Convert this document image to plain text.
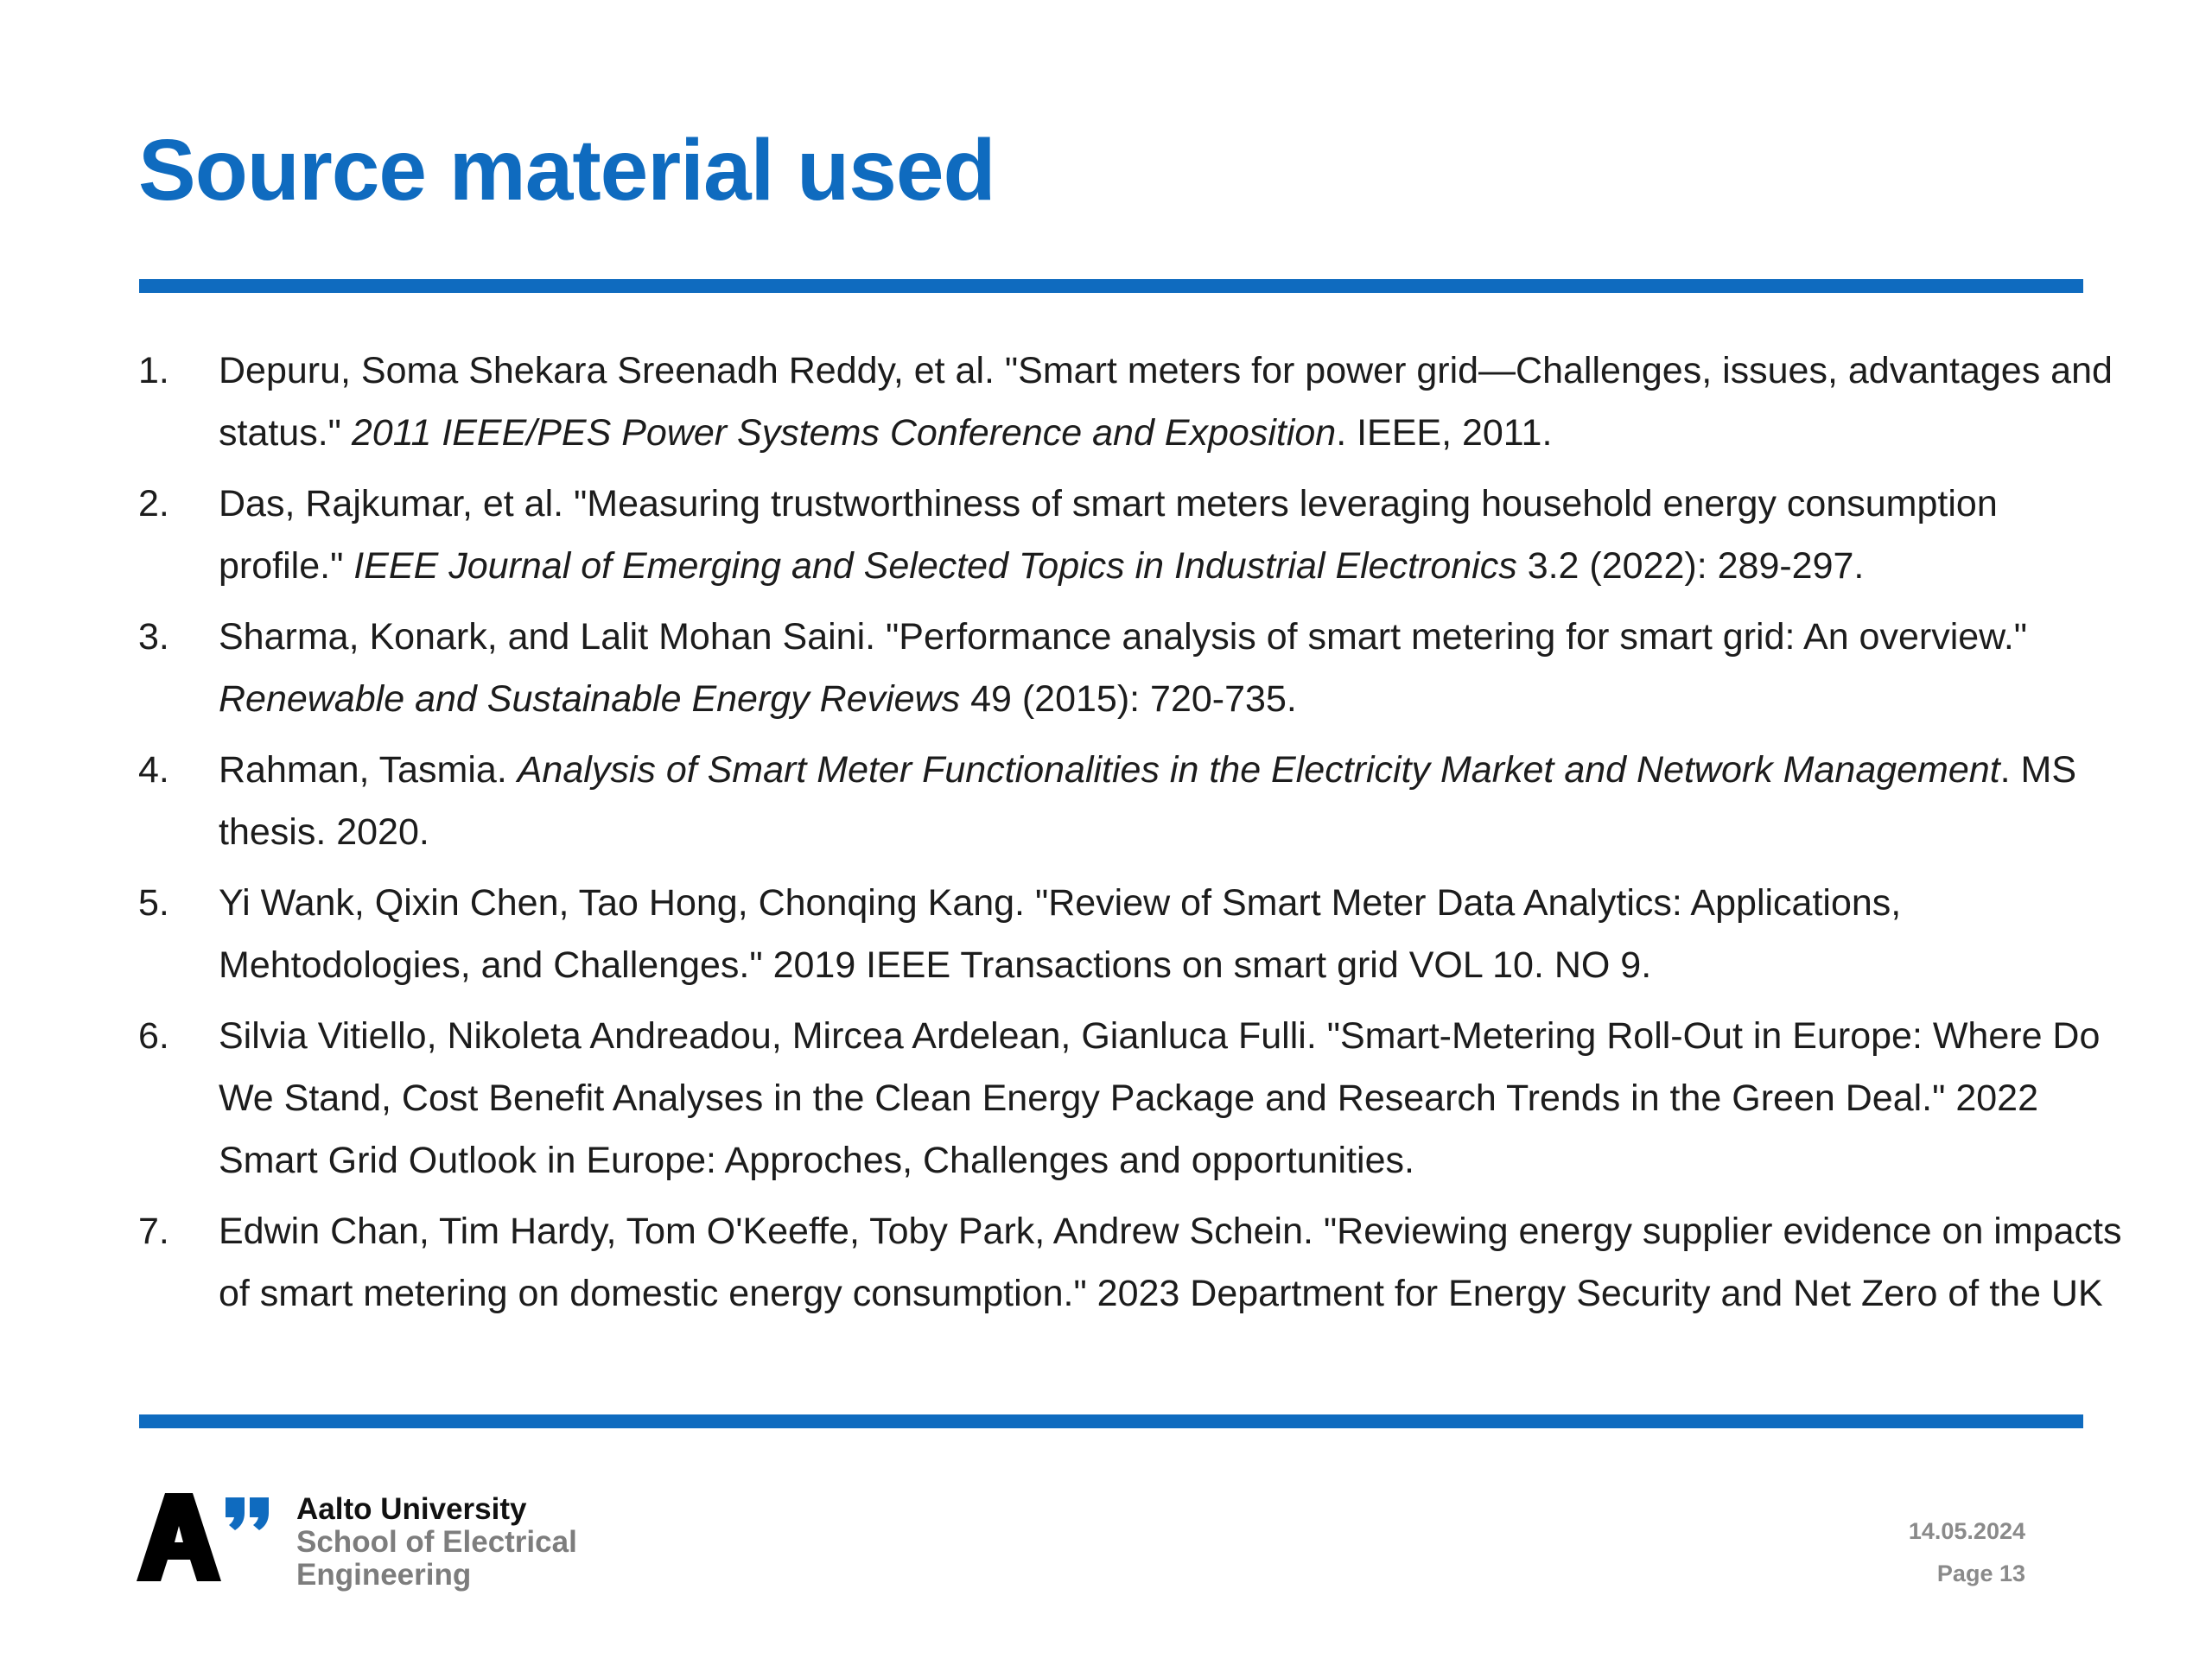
Source material used
1. Depuru, Soma Shekara Sreenadh Reddy, et al. "Smart meters for power grid—Challenges, issues, advantages and status." 2011 IEEE/PES Power Systems Conference and Exposition. IEEE, 2011.
2. Das, Rajkumar, et al. "Measuring trustworthiness of smart meters leveraging household energy consumption profile." IEEE Journal of Emerging and Selected Topics in Industrial Electronics 3.2 (2022): 289-297.
3. Sharma, Konark, and Lalit Mohan Saini. "Performance analysis of smart metering for smart grid: An overview." Renewable and Sustainable Energy Reviews 49 (2015): 720-735.
4. Rahman, Tasmia. Analysis of Smart Meter Functionalities in the Electricity Market and Network Management. MS thesis. 2020.
5. Yi Wank, Qixin Chen, Tao Hong, Chonqing Kang. "Review of Smart Meter Data Analytics: Applications, Mehtodologies, and Challenges." 2019 IEEE Transactions on smart grid VOL 10. NO 9.
6. Silvia Vitiello, Nikoleta Andreadou, Mircea Ardelean, Gianluca Fulli. "Smart-Metering Roll-Out in Europe: Where Do We Stand, Cost Benefit Analyses in the Clean Energy Package and Research Trends in the Green Deal." 2022 Smart Grid Outlook in Europe: Approches, Challenges and opportunities.
7. Edwin Chan, Tim Hardy, Tom O'Keeffe, Toby Park, Andrew Schein. "Reviewing energy supplier evidence on impacts of smart metering on domestic energy consumption." 2023 Department for Energy Security and Net Zero of the UK
Aalto University
School of Electrical Engineering
14.05.2024
Page 13
